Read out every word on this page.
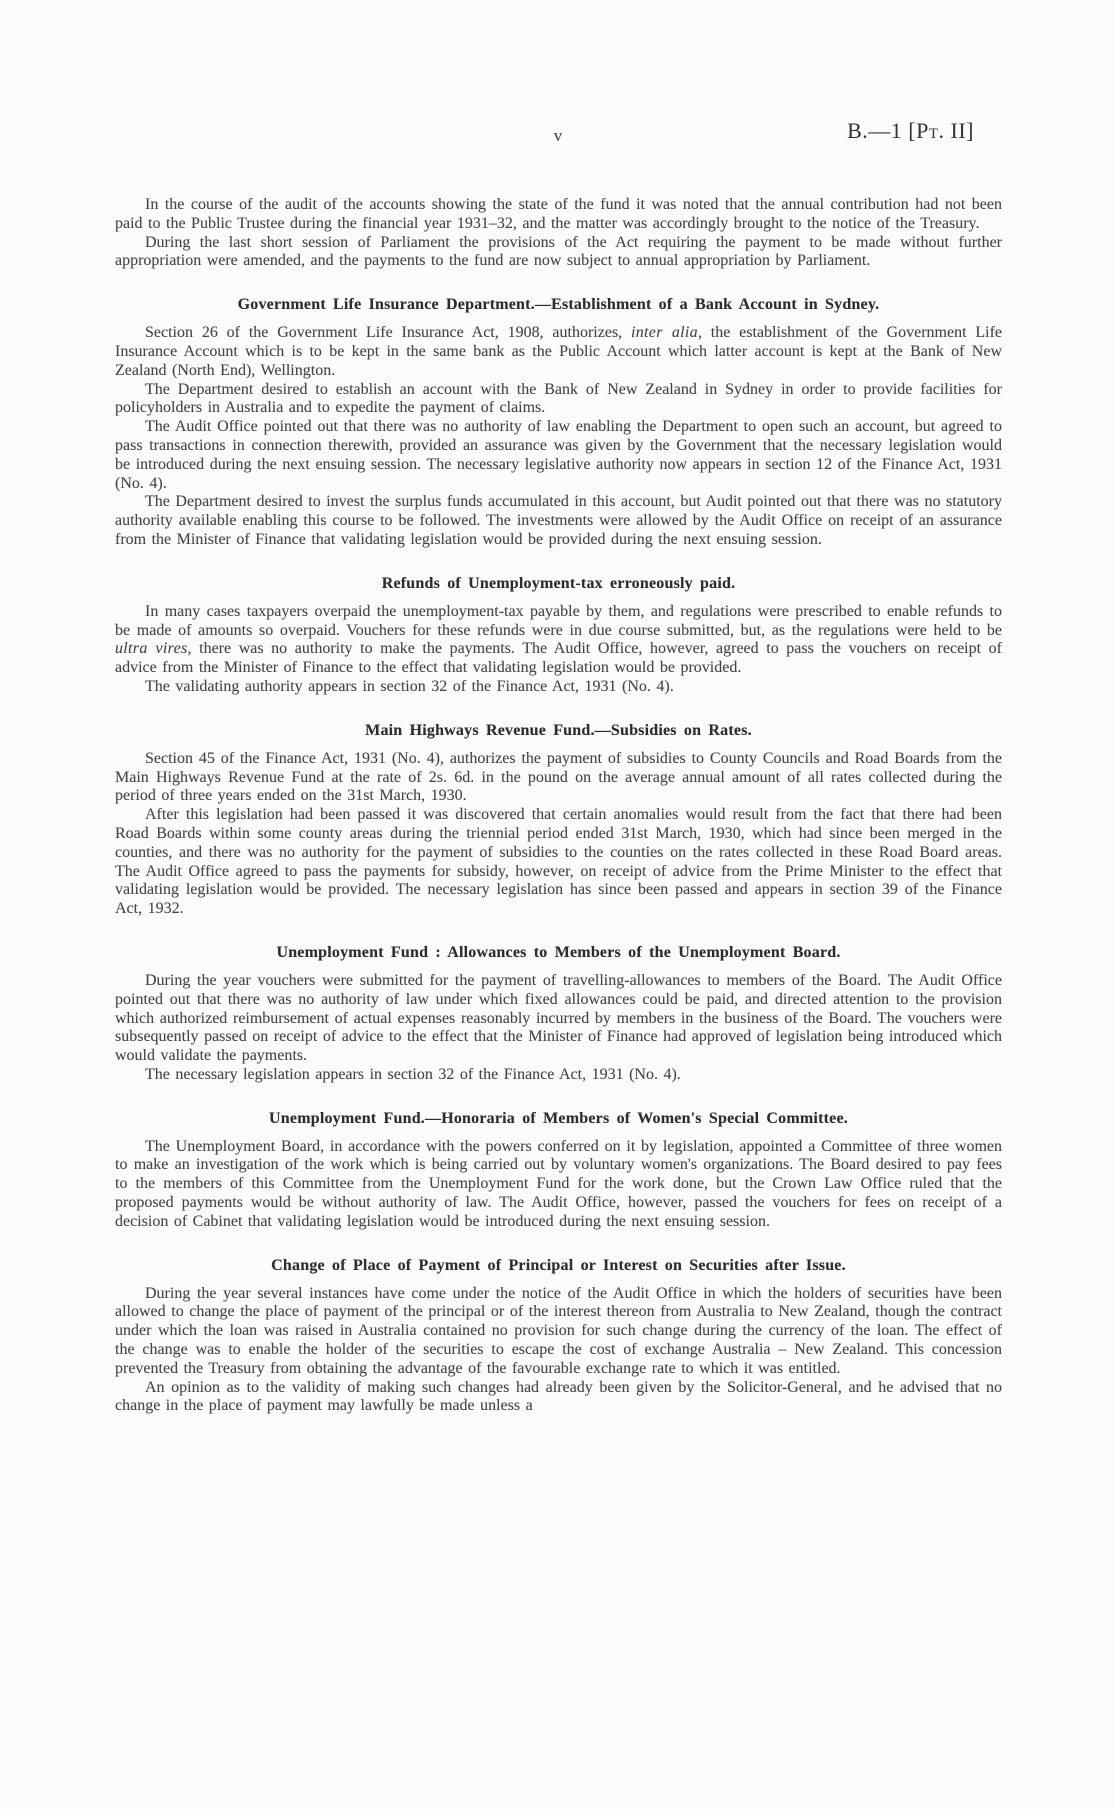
v	B.—1 [Pt. II]

In the course of the audit of the accounts showing the state of the fund it was noted that the annual contribution had not been paid to the Public Trustee during the financial year 1931–32, and the matter was accordingly brought to the notice of the Treasury.

During the last short session of Parliament the provisions of the Act requiring the payment to be made without further appropriation were amended, and the payments to the fund are now subject to annual appropriation by Parliament.

Government Life Insurance Department.—Establishment of a Bank Account in Sydney.

Section 26 of the Government Life Insurance Act, 1908, authorizes, inter alia, the establishment of the Government Life Insurance Account which is to be kept in the same bank as the Public Account which latter account is kept at the Bank of New Zealand (North End), Wellington.

The Department desired to establish an account with the Bank of New Zealand in Sydney in order to provide facilities for policyholders in Australia and to expedite the payment of claims.

The Audit Office pointed out that there was no authority of law enabling the Department to open such an account, but agreed to pass transactions in connection therewith, provided an assurance was given by the Government that the necessary legislation would be introduced during the next ensuing session. The necessary legislative authority now appears in section 12 of the Finance Act, 1931 (No. 4).

The Department desired to invest the surplus funds accumulated in this account, but Audit pointed out that there was no statutory authority available enabling this course to be followed. The investments were allowed by the Audit Office on receipt of an assurance from the Minister of Finance that validating legislation would be provided during the next ensuing session.

Refunds of Unemployment-tax erroneously paid.

In many cases taxpayers overpaid the unemployment-tax payable by them, and regulations were prescribed to enable refunds to be made of amounts so overpaid. Vouchers for these refunds were in due course submitted, but, as the regulations were held to be ultra vires, there was no authority to make the payments. The Audit Office, however, agreed to pass the vouchers on receipt of advice from the Minister of Finance to the effect that validating legislation would be provided.

The validating authority appears in section 32 of the Finance Act, 1931 (No. 4).

Main Highways Revenue Fund.—Subsidies on Rates.

Section 45 of the Finance Act, 1931 (No. 4), authorizes the payment of subsidies to County Councils and Road Boards from the Main Highways Revenue Fund at the rate of 2s. 6d. in the pound on the average annual amount of all rates collected during the period of three years ended on the 31st March, 1930.

After this legislation had been passed it was discovered that certain anomalies would result from the fact that there had been Road Boards within some county areas during the triennial period ended 31st March, 1930, which had since been merged in the counties, and there was no authority for the payment of subsidies to the counties on the rates collected in these Road Board areas. The Audit Office agreed to pass the payments for subsidy, however, on receipt of advice from the Prime Minister to the effect that validating legislation would be provided. The necessary legislation has since been passed and appears in section 39 of the Finance Act, 1932.

Unemployment Fund : Allowances to Members of the Unemployment Board.

During the year vouchers were submitted for the payment of travelling-allowances to members of the Board. The Audit Office pointed out that there was no authority of law under which fixed allowances could be paid, and directed attention to the provision which authorized reimbursement of actual expenses reasonably incurred by members in the business of the Board. The vouchers were subsequently passed on receipt of advice to the effect that the Minister of Finance had approved of legislation being introduced which would validate the payments.

The necessary legislation appears in section 32 of the Finance Act, 1931 (No. 4).

Unemployment Fund.—Honoraria of Members of Women's Special Committee.

The Unemployment Board, in accordance with the powers conferred on it by legislation, appointed a Committee of three women to make an investigation of the work which is being carried out by voluntary women's organizations. The Board desired to pay fees to the members of this Committee from the Unemployment Fund for the work done, but the Crown Law Office ruled that the proposed payments would be without authority of law. The Audit Office, however, passed the vouchers for fees on receipt of a decision of Cabinet that validating legislation would be introduced during the next ensuing session.

Change of Place of Payment of Principal or Interest on Securities after Issue.

During the year several instances have come under the notice of the Audit Office in which the holders of securities have been allowed to change the place of payment of the principal or of the interest thereon from Australia to New Zealand, though the contract under which the loan was raised in Australia contained no provision for such change during the currency of the loan. The effect of the change was to enable the holder of the securities to escape the cost of exchange Australia – New Zealand. This concession prevented the Treasury from obtaining the advantage of the favourable exchange rate to which it was entitled.

An opinion as to the validity of making such changes had already been given by the Solicitor-General, and he advised that no change in the place of payment may lawfully be made unless a
